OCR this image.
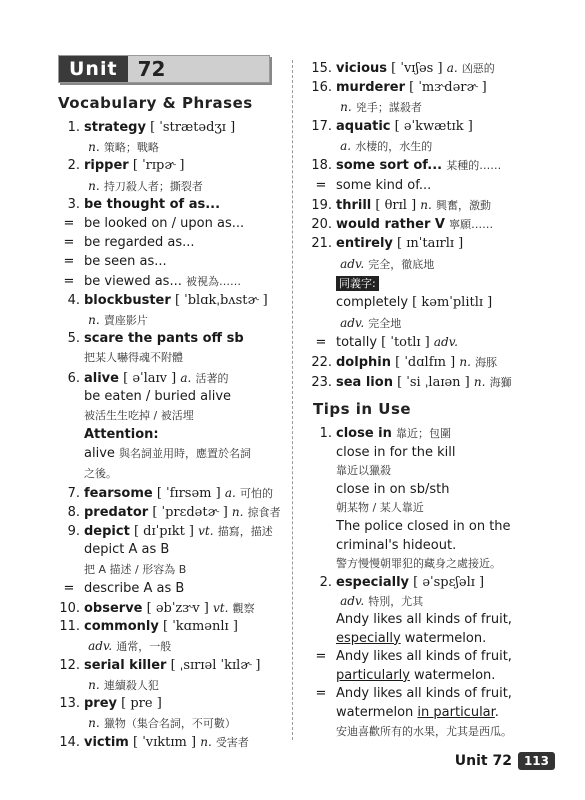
Unit	72
Vocabulary & Phrases
Tips in Use
1. strategy [ ˈstrætədʒɪ ]
n. 策略；戰略
2. ripper [ ˈrɪpɚ ]
n. 持刀殺人者；撕裂者
3. be thought of as...
= be looked on / upon as...
= be regarded as...
= be seen as...
= be viewed as... 被視為……
4. blockbuster [ ˈblɑkˌbʌstɚ ]
n. 賣座影片
5. scare the pants off sb
把某人嚇得魂不附體
6. alive [ əˈlaɪv ] a. 活著的
be eaten / buried alive
被活生生吃掉 / 被活埋
Attention:
alive 與名詞並用時，應置於名詞
之後。
7. fearsome [ ˈfɪrsəm ] a. 可怕的
8. predator [ ˈprɛdətɚ ] n. 掠食者
9. depict [ dɪˈpɪkt ] vt. 描寫，描述
depict A as B
把 A 描述 / 形容為 B
= describe A as B
10. observe [ əbˈzɝv ] vt. 觀察
11. commonly [ ˈkɑmənlɪ ]
adv. 通常，一般
12. serial killer [ ˌsɪrɪəl ˈkɪlɚ ]
n. 連續殺人犯
13. prey [ pre ]
n. 獵物（集合名詞，不可數）
14. victim [ ˈvɪktɪm ] n. 受害者
15. vicious [ ˈvɪʃəs ] a. 凶惡的
16. murderer [ ˈmɝdərɚ ]
n. 兇手；謀殺者
17. aquatic [ əˈkwætɪk ]
a. 水棲的，水生的
18. some sort of... 某種的……
= some kind of...
19. thrill [ θrɪl ] n. 興奮，激動
20. would rather V 寧願……
21. entirely [ ɪnˈtaɪrlɪ ]
adv. 完全，徹底地
同義字:
completely [ kəmˈplitlɪ ]
adv. 完全地
= totally [ ˈtotlɪ ] adv.
22. dolphin [ ˈdɑlfɪn ] n. 海豚
23. sea lion [ ˈsi ˌlaɪən ] n. 海獅
1. close in 靠近；包圍
close in for the kill
靠近以獵殺
close in on sb/sth
朝某物 / 某人靠近
The police closed in on the
criminal's hideout.
警方慢慢朝罪犯的藏身之處接近。
2. especially [ əˈspɛʃəlɪ ]
adv. 特別，尤其
Andy likes all kinds of fruit,
especially watermelon.
= Andy likes all kinds of fruit,
particularly watermelon.
= Andy likes all kinds of fruit,
watermelon in particular.
安迪喜歡所有的水果，尤其是西瓜。
Unit 72	113
